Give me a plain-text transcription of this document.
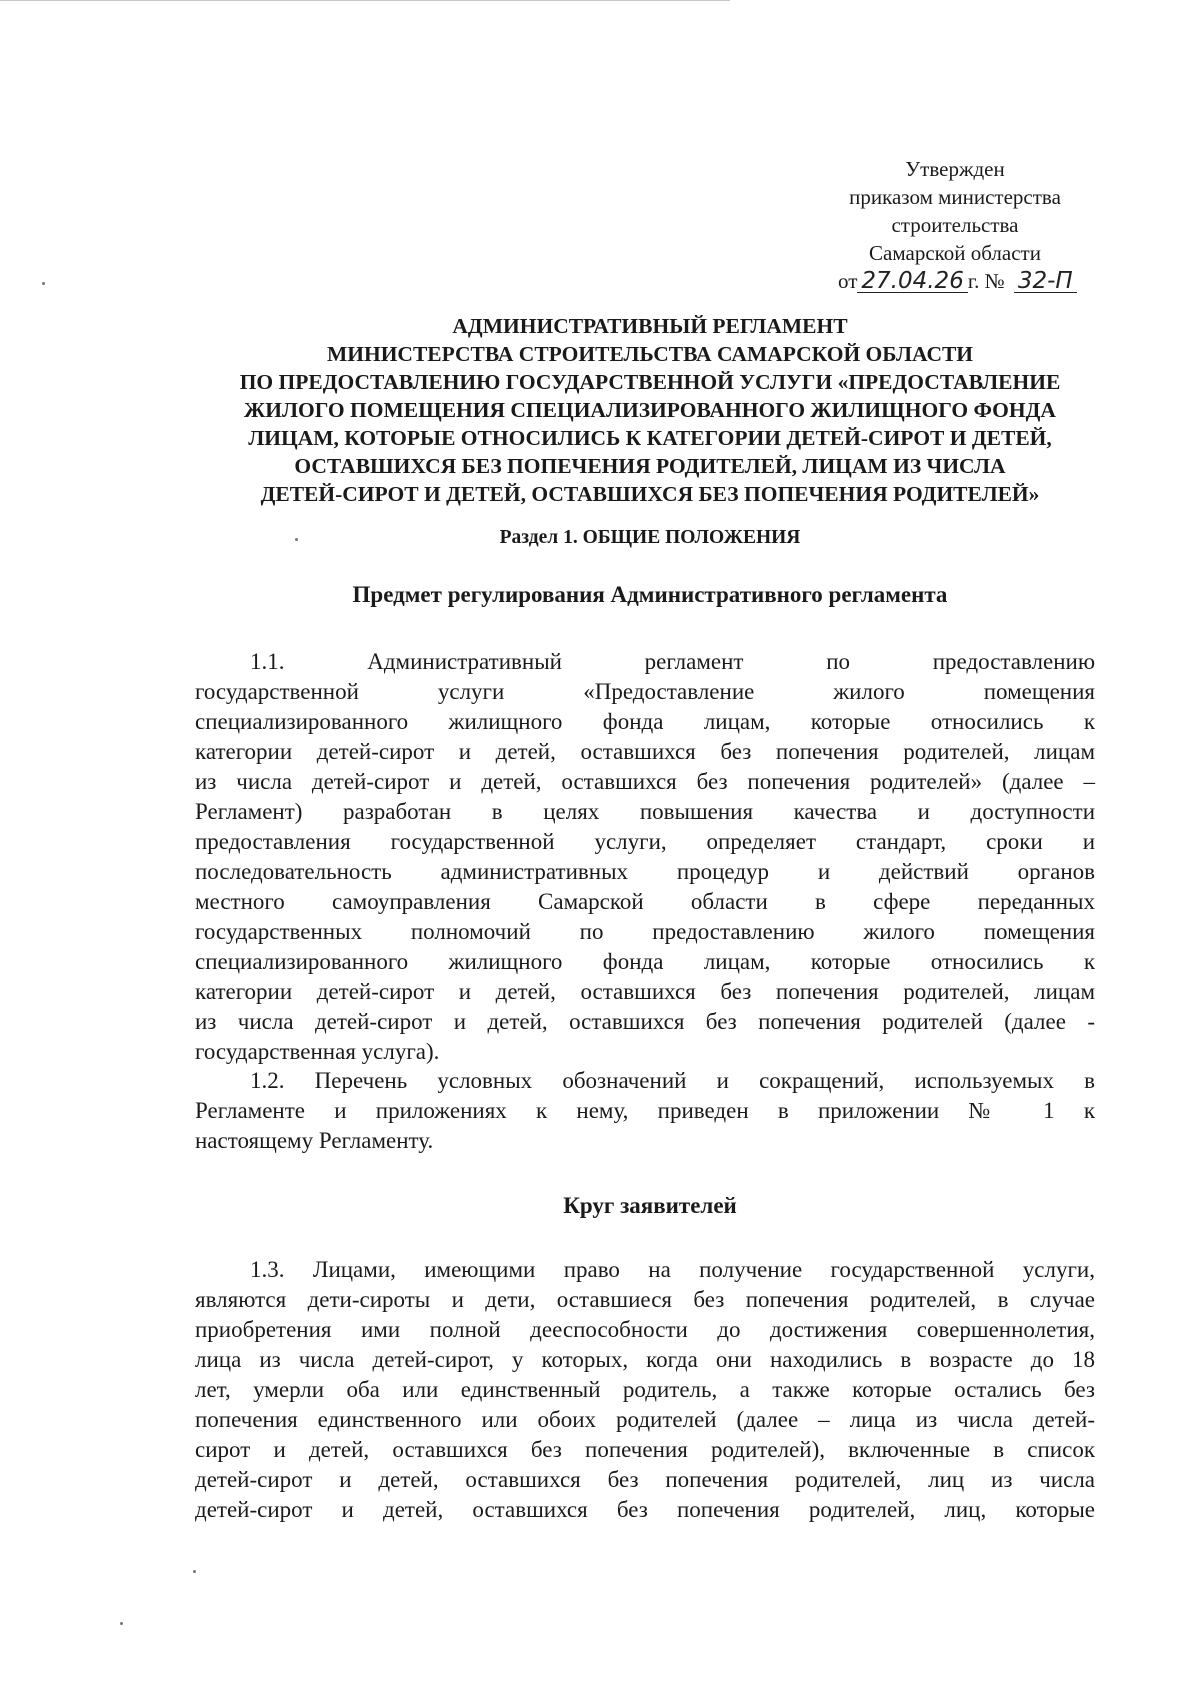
Утвержден
приказом министерства
строительства
Самарской области
от 27.04.26 г. № 32-П
АДМИНИСТРАТИВНЫЙ РЕГЛАМЕНТ
МИНИСТЕРСТВА СТРОИТЕЛЬСТВА САМАРСКОЙ ОБЛАСТИ
ПО ПРЕДОСТАВЛЕНИЮ ГОСУДАРСТВЕННОЙ УСЛУГИ «ПРЕДОСТАВЛЕНИЕ
ЖИЛОГО ПОМЕЩЕНИЯ СПЕЦИАЛИЗИРОВАННОГО ЖИЛИЩНОГО ФОНДА
ЛИЦАМ, КОТОРЫЕ ОТНОСИЛИСЬ К КАТЕГОРИИ ДЕТЕЙ-СИРОТ И ДЕТЕЙ,
ОСТАВШИХСЯ БЕЗ ПОПЕЧЕНИЯ РОДИТЕЛЕЙ, ЛИЦАМ ИЗ ЧИСЛА
ДЕТЕЙ-СИРОТ И ДЕТЕЙ, ОСТАВШИХСЯ БЕЗ ПОПЕЧЕНИЯ РОДИТЕЛЕЙ»
Раздел 1. ОБЩИЕ ПОЛОЖЕНИЯ
Предмет регулирования Административного регламента
1.1. Административный регламент по предоставлению
государственной услуги «Предоставление жилого помещения
специализированного жилищного фонда лицам, которые относились к
категории детей-сирот и детей, оставшихся без попечения родителей, лицам
из числа детей-сирот и детей, оставшихся без попечения родителей» (далее –
Регламент) разработан в целях повышения качества и доступности
предоставления государственной услуги, определяет стандарт, сроки и
последовательность административных процедур и действий органов
местного самоуправления Самарской области в сфере переданных
государственных полномочий по предоставлению жилого помещения
специализированного жилищного фонда лицам, которые относились к
категории детей-сирот и детей, оставшихся без попечения родителей, лицам
из числа детей-сирот и детей, оставшихся без попечения родителей (далее -
государственная услуга).
1.2. Перечень условных обозначений и сокращений, используемых в
Регламенте и приложениях к нему, приведен в приложении № 1 к
настоящему Регламенту.
Круг заявителей
1.3. Лицами, имеющими право на получение государственной услуги,
являются дети-сироты и дети, оставшиеся без попечения родителей, в случае
приобретения ими полной дееспособности до достижения совершеннолетия,
лица из числа детей-сирот, у которых, когда они находились в возрасте до 18
лет, умерли оба или единственный родитель, а также которые остались без
попечения единственного или обоих родителей (далее – лица из числа детей-
сирот и детей, оставшихся без попечения родителей), включенные в список
детей-сирот и детей, оставшихся без попечения родителей, лиц из числа
детей-сирот и детей, оставшихся без попечения родителей, лиц, которые
